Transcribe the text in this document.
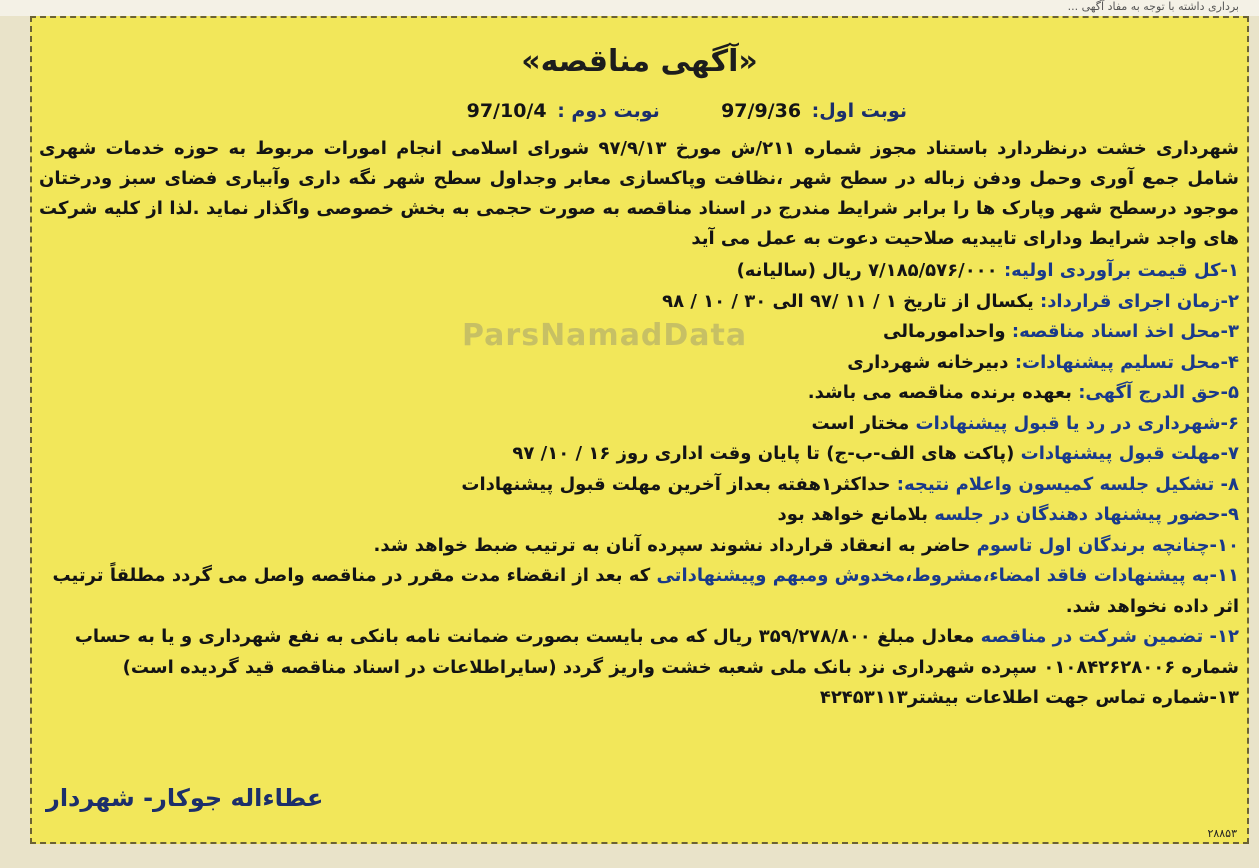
برداری داشته با توجه به مفاد آگهی ...
ParsNamadData
«آگهی مناقصه»
نوبت اول: 97/9/36  نوبت دوم : 97/10/4
شهرداری خشت درنظردارد باستناد مجوز شماره ۲۱۱/ش مورخ ۹۷/۹/۱۳ شورای اسلامی انجام امورات مربوط به حوزه خدمات شهری شامل جمع آوری وحمل ودفن زباله در سطح شهر ،نظافت وپاکسازی معابر وجداول سطح شهر نگه داری وآبیاری فضای سبز ودرختان موجود درسطح شهر وپارک ها را برابر شرایط مندرج در اسناد مناقصه به صورت حجمی به بخش خصوصی واگذار نماید .لذا از کلیه شرکت های واجد شرایط ودارای تاییدیه صلاحیت دعوت به عمل می آید
۱-کل قیمت برآوردی اولیه: ۷/۱۸۵/۵۷۶/۰۰۰ ریال (سالیانه)
۲-زمان اجرای قرارداد: یکسال از تاریخ ۱ / ۱۱ /۹۷ الی ۳۰ / ۱۰ / ۹۸
۳-محل اخذ اسناد مناقصه: واحدامورمالی
۴-محل تسلیم پیشنهادات: دبیرخانه شهرداری
۵-حق الدرج آگهی: بعهده برنده مناقصه می باشد.
۶-شهرداری در رد یا قبول پیشنهادات مختار است
۷-مهلت قبول پیشنهادات (پاکت های الف-ب-ج) تا پایان وقت اداری روز ۱۶ / ۱۰/ ۹۷
۸- تشکیل جلسه کمیسون واعلام نتیجه: حداکثر۱هفته بعداز آخرین مهلت قبول پیشنهادات
۹-حضور پیشنهاد دهندگان در جلسه بلامانع خواهد بود
۱۰-چنانچه برندگان اول تاسوم حاضر به انعقاد قرارداد نشوند سپرده آنان به ترتیب ضبط خواهد شد.
۱۱-به پیشنهادات فاقد امضاء،مشروط،مخدوش ومبهم وپیشنهاداتی که بعد از انقضاء مدت مقرر در مناقصه واصل می گردد مطلقاً ترتیب اثر داده نخواهد شد.
۱۲- تضمین شرکت در مناقصه معادل مبلغ ۳۵۹/۲۷۸/۸۰۰ ریال که می بایست بصورت ضمانت نامه بانکی به نفع شهرداری و یا به حساب شماره ۰۱۰۸۴۲۶۲۸۰۰۶ سپرده شهرداری نزد بانک ملی شعبه خشت واریز گردد (سایراطلاعات در اسناد مناقصه قید گردیده است)
۱۳-شماره تماس جهت اطلاعات بیشتر۴۲۴۵۳۱۱۳
عطاءاله جوکار- شهردار
۲۸۸۵۳
